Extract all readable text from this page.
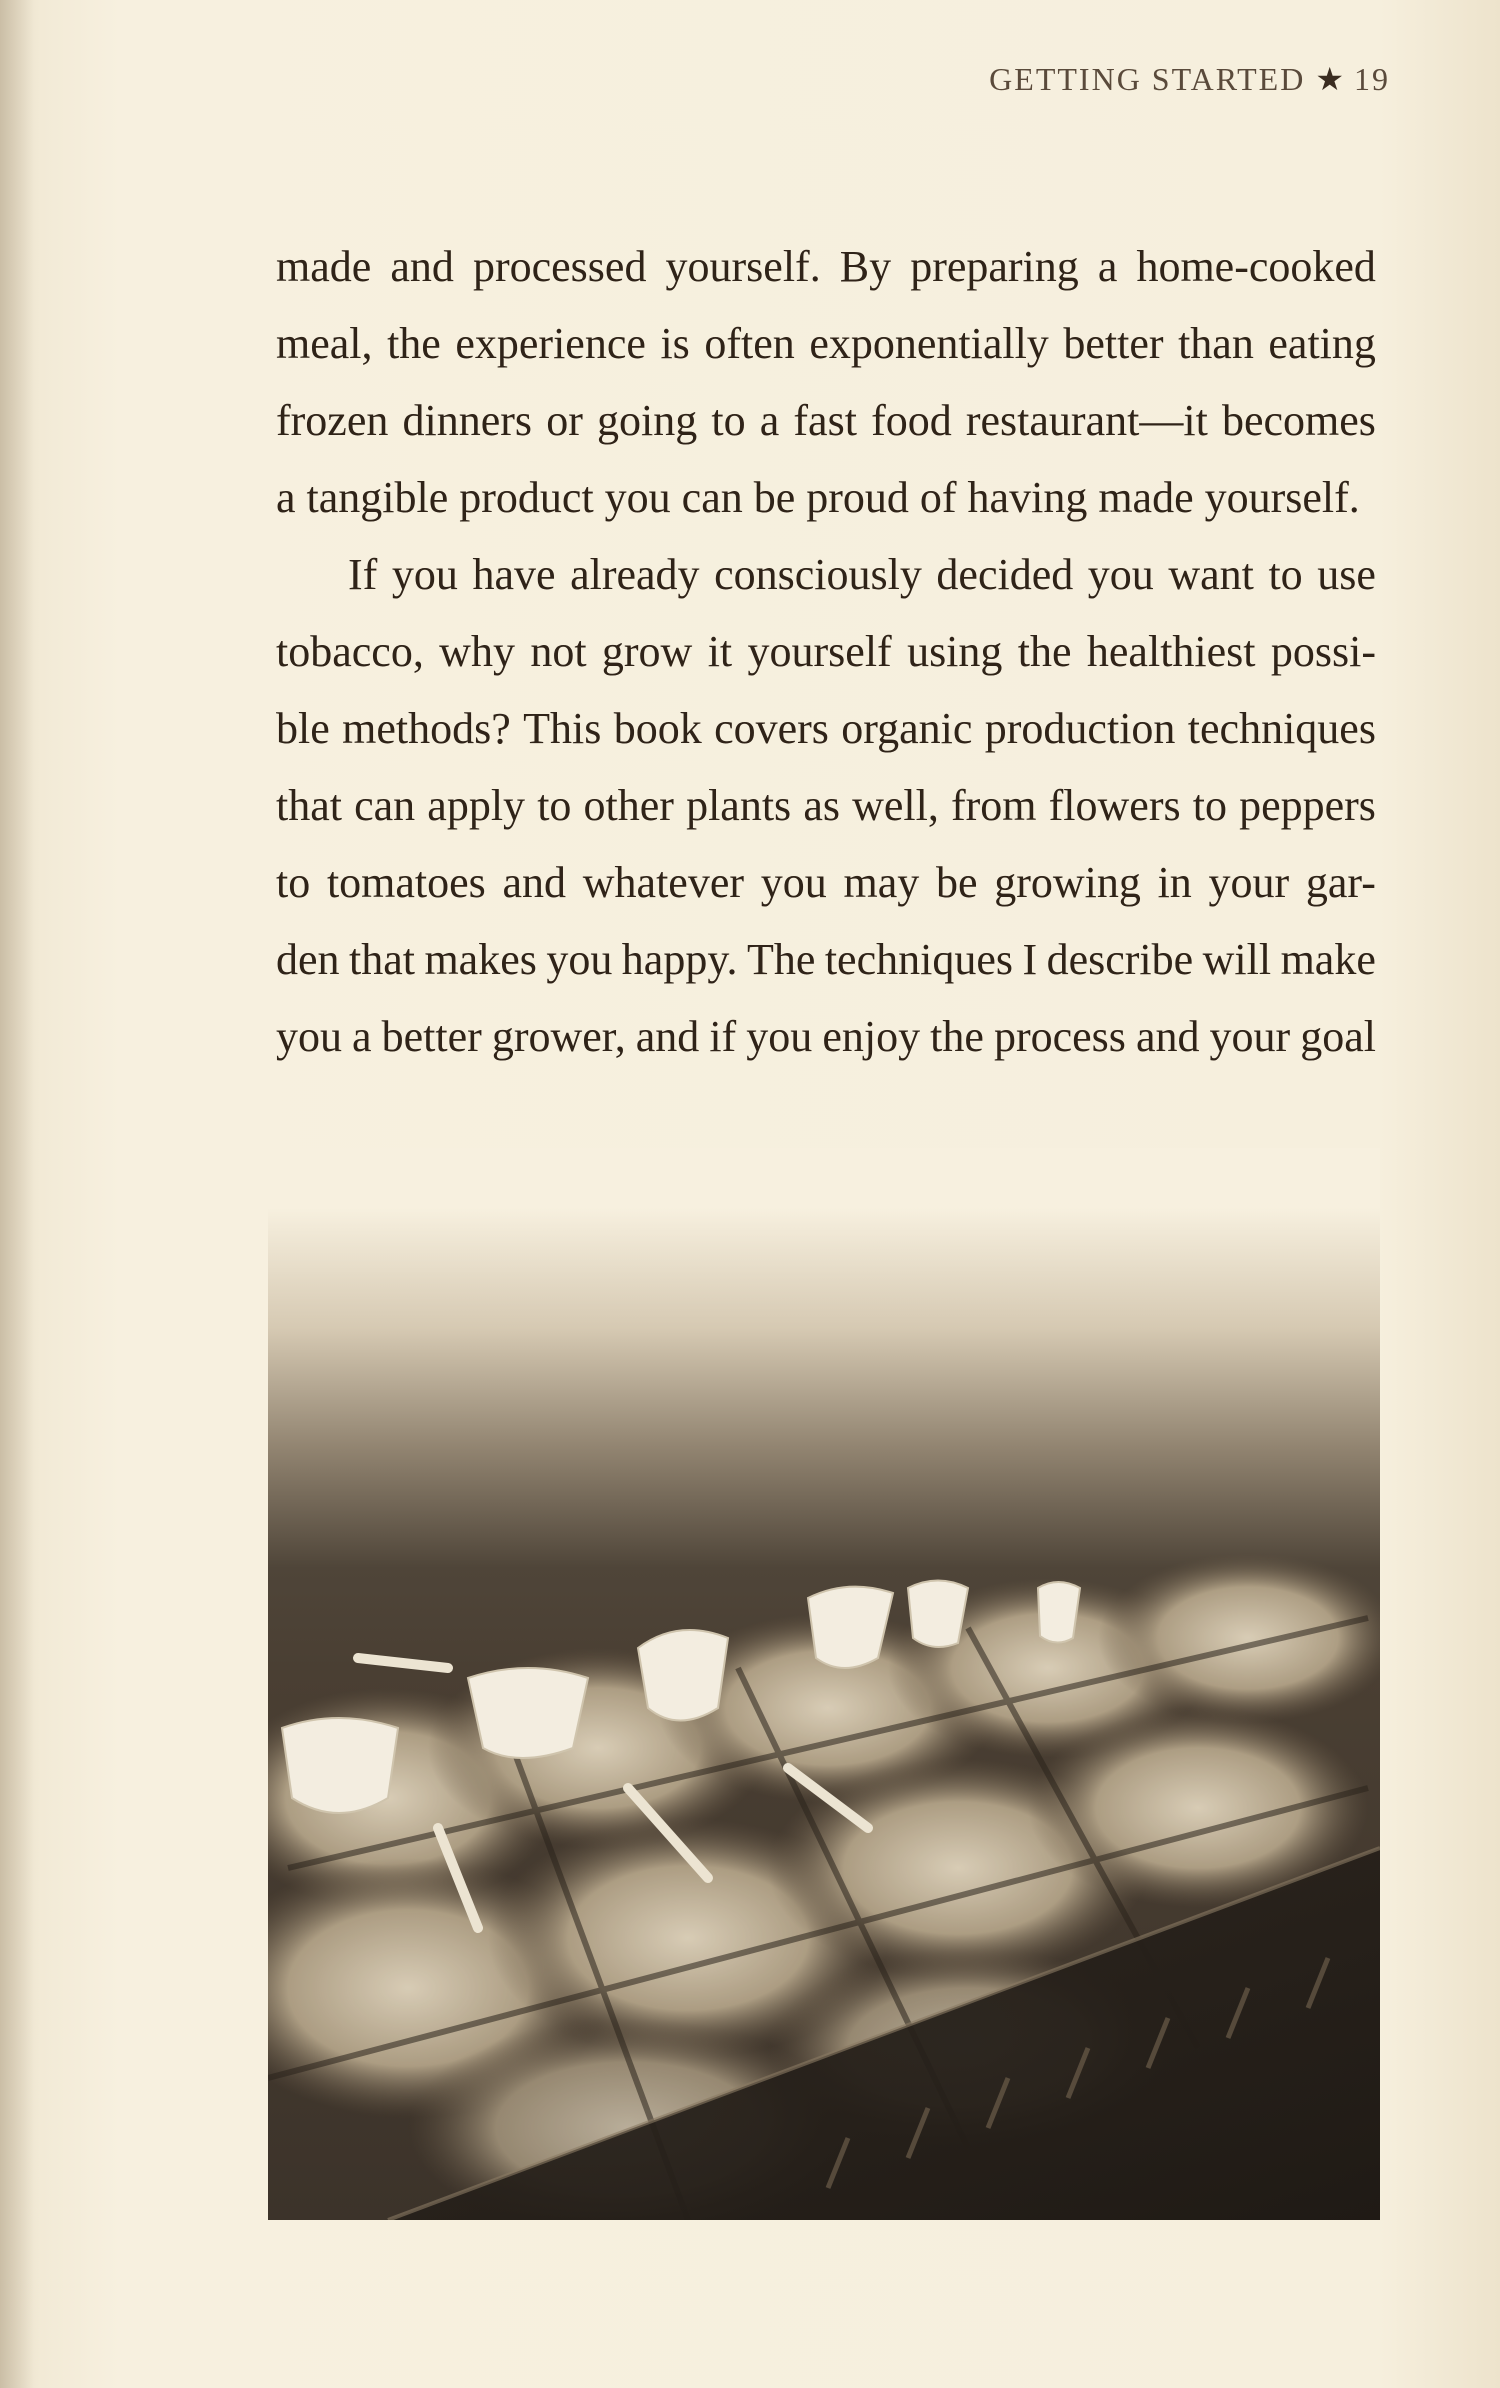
GETTING STARTED ★ 19
made and processed yourself. By preparing a home-cooked
meal, the experience is often exponentially better than eating
frozen dinners or going to a fast food restaurant—it becomes
a tangible product you can be proud of having made yourself.
If you have already consciously decided you want to use
tobacco, why not grow it yourself using the healthiest possi-
ble methods? This book covers organic production techniques
that can apply to other plants as well, from flowers to peppers
to tomatoes and whatever you may be growing in your gar-
den that makes you happy. The techniques I describe will make
you a better grower, and if you enjoy the process and your goal
